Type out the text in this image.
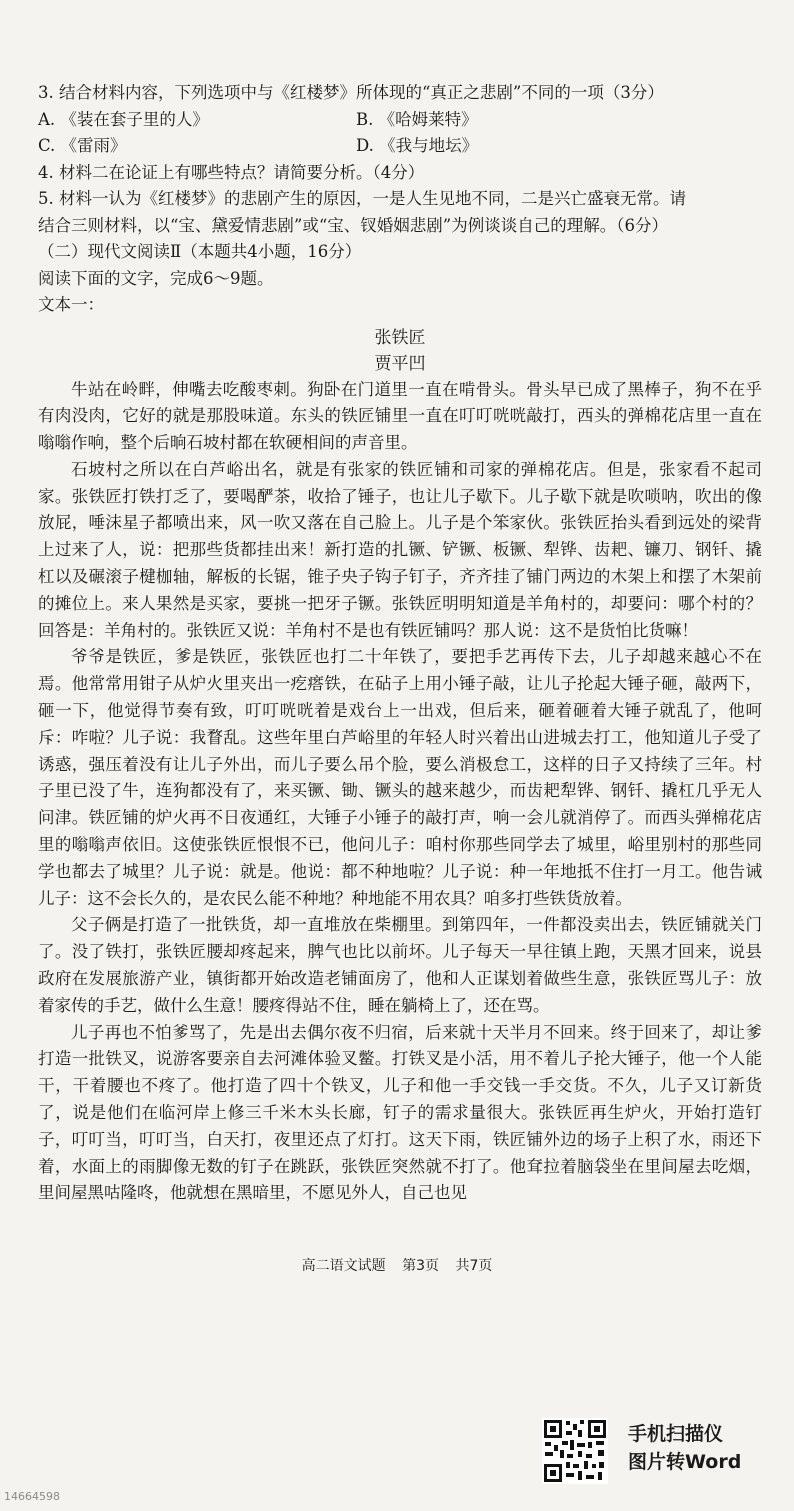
3. 结合材料内容，下列选项中与《红楼梦》所体现的“真正之悲剧”不同的一项（3分）
A. 《装在套子里的人》	B. 《哈姆莱特》
C. 《雷雨》	D. 《我与地坛》
4. 材料二在论证上有哪些特点？请简要分析。（4分）
5. 材料一认为《红楼梦》的悲剧产生的原因，一是人生见地不同，二是兴亡盛衰无常。请
结合三则材料，以“宝、黛爱情悲剧”或“宝、钗婚姻悲剧”为例谈谈自己的理解。（6分）
（二）现代文阅读Ⅱ（本题共4小题，16分）
阅读下面的文字，完成6～9题。
文本一：
张铁匠
贾平凹

牛站在岭畔，伸嘴去吃酸枣刺。狗卧在门道里一直在啃骨头。骨头早已成了黑棒子，狗不在乎有肉没肉，它好的就是那股味道。东头的铁匠铺里一直在叮叮咣咣敲打，西头的弹棉花店里一直在嗡嗡作响，整个后晌石坡村都在软硬相间的声音里。

石坡村之所以在白芦峪出名，就是有张家的铁匠铺和司家的弹棉花店。但是，张家看不起司家。张铁匠打铁打乏了，要喝酽茶，收拾了锤子，也让儿子歇下。儿子歇下就是吹唢呐，吹出的像放屁，唾沫星子都喷出来，风一吹又落在自己脸上。儿子是个笨家伙。张铁匠抬头看到远处的梁背上过来了人，说：把那些货都挂出来！新打造的扎镢、铲镢、板镢、犁铧、齿耙、镰刀、钢钎、撬杠以及碾滚子楗枷轴，解板的长锯，锥子央子钩子钉子，齐齐挂了铺门两边的木架上和摆了木架前的摊位上。来人果然是买家，要挑一把牙子镢。张铁匠明明知道是羊角村的，却要问：哪个村的？回答是：羊角村的。张铁匠又说：羊角村不是也有铁匠铺吗？那人说：这不是货怕比货嘛！

爷爷是铁匠，爹是铁匠，张铁匠也打二十年铁了，要把手艺再传下去，儿子却越来越心不在焉。他常常用钳子从炉火里夹出一疙瘩铁，在砧子上用小锤子敲，让儿子抡起大锤子砸，敲两下，砸一下，他觉得节奏有致，叮叮咣咣着是戏台上一出戏，但后来，砸着砸着大锤子就乱了，他呵斥：咋啦？儿子说：我瞀乱。这些年里白芦峪里的年轻人时兴着出山进城去打工，他知道儿子受了诱惑，强压着没有让儿子外出，而儿子要么吊个脸，要么消极怠工，这样的日子又持续了三年。村子里已没了牛，连狗都没有了，来买镢、锄、镢头的越来越少，而齿耙犁铧、钢钎、撬杠几乎无人问津。铁匠铺的炉火再不日夜通红，大锤子小锤子的敲打声，响一会儿就消停了。而西头弹棉花店里的嗡嗡声依旧。这使张铁匠恨恨不已，他问儿子：咱村你那些同学去了城里，峪里别村的那些同学也都去了城里？儿子说：就是。他说：都不种地啦？儿子说：种一年地抵不住打一月工。他告诫儿子：这不会长久的，是农民么能不种地？种地能不用农具？咱多打些铁货放着。

父子俩是打造了一批铁货，却一直堆放在柴棚里。到第四年，一件都没卖出去，铁匠铺就关门了。没了铁打，张铁匠腰却疼起来，脾气也比以前坏。儿子每天一早往镇上跑，天黑才回来，说县政府在发展旅游产业，镇街都开始改造老铺面房了，他和人正谋划着做些生意，张铁匠骂儿子：放着家传的手艺，做什么生意！腰疼得站不住，睡在躺椅上了，还在骂。

儿子再也不怕爹骂了，先是出去偶尔夜不归宿，后来就十天半月不回来。终于回来了，却让爹打造一批铁叉，说游客要亲自去河滩体验叉鳖。打铁叉是小活，用不着儿子抡大锤子，他一个人能干，干着腰也不疼了。他打造了四十个铁叉，儿子和他一手交钱一手交货。不久，儿子又订新货了，说是他们在临河岸上修三千米木头长廊，钉子的需求量很大。张铁匠再生炉火，开始打造钉子，叮叮当，叮叮当，白天打，夜里还点了灯打。这天下雨，铁匠铺外边的场子上积了水，雨还下着，水面上的雨脚像无数的钉子在跳跃，张铁匠突然就不打了。他耷拉着脑袋坐在里间屋去吃烟，里间屋黑咕隆咚，他就想在黑暗里，不愿见外人，自己也见

高二语文试题 第3页 共7页
手机扫描仪
图片转Word
14664598
